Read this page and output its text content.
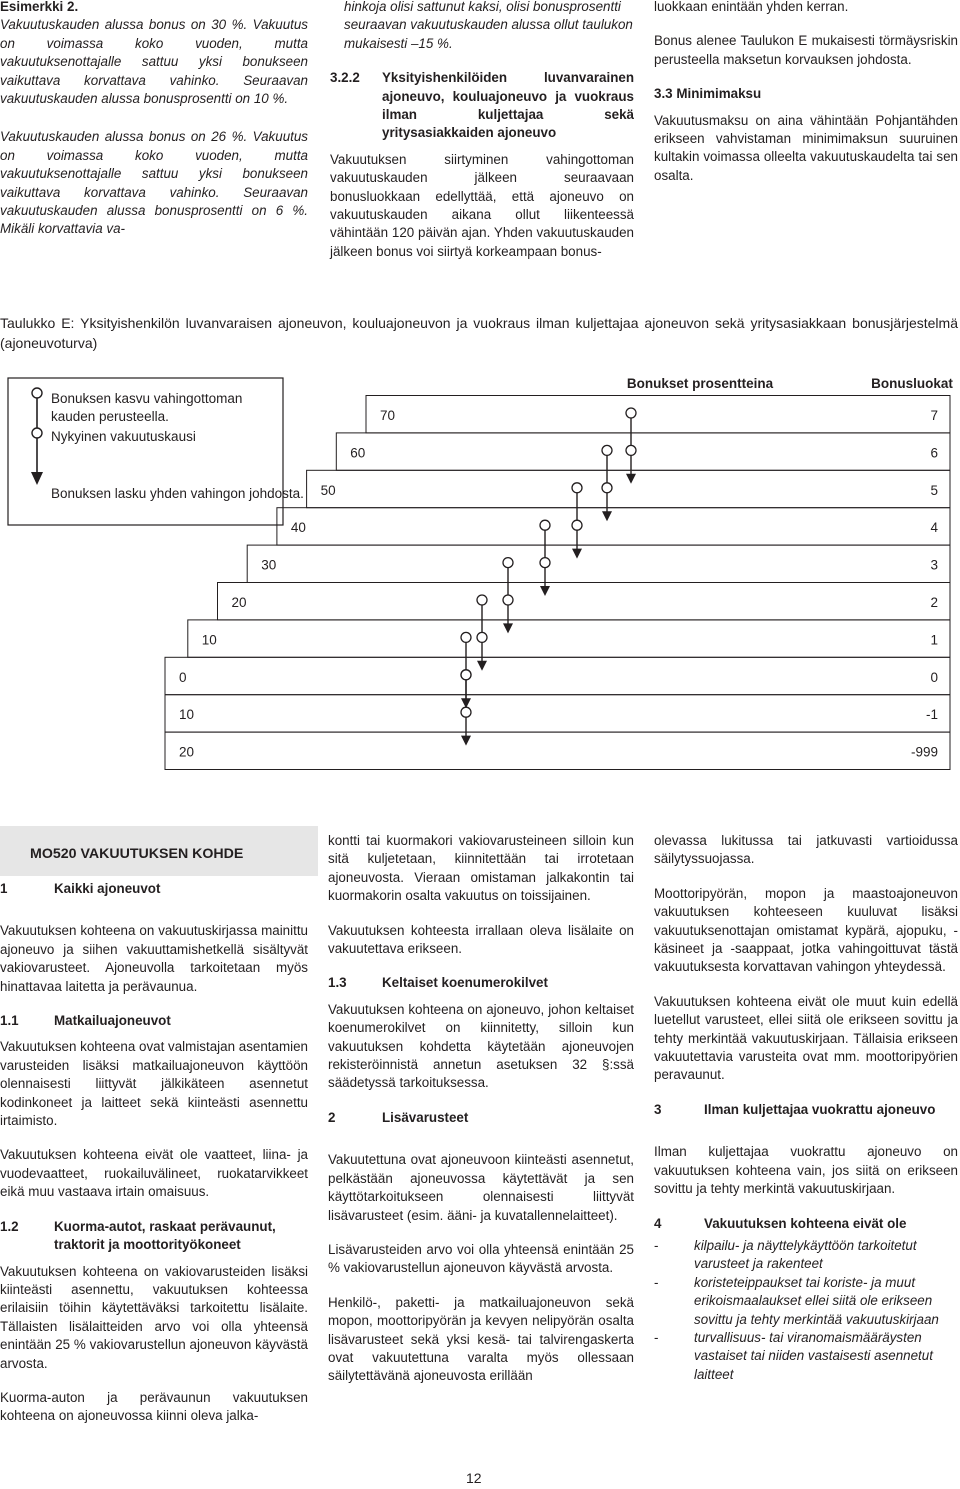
Esimerkki 2.

Vakuutuskauden alussa bonus on 30 %. Vakuutus on voimassa koko vuoden, mutta vakuutuksenottajalle sattuu yksi bonukseen vaikuttava korvattava vahinko. Seuraavan vakuutuskauden alussa bonusprosentti on 10 %.

Vakuutuskauden alussa bonus on 26 %. Vakuutus on voimassa koko vuoden, mutta vakuutuksenottajalle sattuu yksi bonukseen vaikuttava korvattava vahinko. Seuraavan vakuutuskauden alussa bonusprosentti on 6 %. Mikäli korvattavia va-

hinkoja olisi sattunut kaksi, olisi bonusprosentti seuraavan vakuutuskauden alussa ollut taulukon mukaisesti –15 %.

3.2.2	Yksityishenkilöiden luvanvarainen ajoneuvo, kouluajoneuvo ja vuokraus ilman kuljettajaa sekä yritysasiakkaiden ajoneuvo

Vakuutuksen siirtyminen vahingottoman vakuutuskauden jälkeen seuraavaan bonusluokkaan edellyttää, että ajoneuvo on vakuutuskauden aikana ollut liikenteessä vähintään 120 päivän ajan. Yhden vakuutuskauden jälkeen bonus voi siirtyä korkeampaan bonus-

luokkaan enintään yhden kerran.

Bonus alenee Taulukon E mukaisesti törmäysriskin perusteella maksetun korvauksen johdosta.

3.3 Minimimaksu

Vakuutusmaksu on aina vähintään Pohjantähden erikseen vahvistaman minimimaksun suuruinen kultakin voimassa olleelta vakuutuskaudelta tai sen osalta.

Taulukko E: Yksityishenkilön luvanvaraisen ajoneuvon, kouluajoneuvon ja vuokraus ilman kuljettajaa ajoneuvon sekä yritysasiakkaan bonusjärjestelmä (ajoneuvoturva)
Bonuksen kasvu vahingottoman
kauden perusteella.
Nykyinen vakuutuskausi
Bonuksen lasku yhden vahingon johdosta.
Bonukset prosentteina	Bonusluokat
70	7
60	6
50	5
40	4
30	3
20	2
10	1
0	0
10	-1
20	-999
MO520 VAKUUTUKSEN KOHDE

1	Kaikki ajoneuvot

Vakuutuksen kohteena on vakuutuskirjassa mainittu ajoneuvo ja siihen vakuuttamishetkellä sisältyvät vakiovarusteet. Ajoneuvolla tarkoitetaan myös hinattavaa laitetta ja perävaunua.

1.1	Matkailuajoneuvot

Vakuutuksen kohteena ovat valmistajan asentamien varusteiden lisäksi matkailuajoneuvon käyttöön olennaisesti liittyvät jälkikäteen asennetut kodinkoneet ja laitteet sekä kiinteästi asennettu irtaimisto.

Vakuutuksen kohteena eivät ole vaatteet, liina- ja vuodevaatteet, ruokailuvälineet, ruokatarvikkeet eikä muu vastaava irtain omaisuus.

1.2	Kuorma-autot, raskaat perävaunut, traktorit ja moottorityökoneet

Vakuutuksen kohteena on vakiovarusteiden lisäksi kiinteästi asennettu, vakuutuksen kohteessa erilaisiin töihin käytettäväksi tarkoitettu lisälaite. Tällaisten lisälaitteiden arvo voi olla yhteensä enintään 25 % vakiovarustellun ajoneuvon käyvästä arvosta.

Kuorma-auton ja perävaunun vakuutuksen kohteena on ajoneuvossa kiinni oleva jalka-

kontti tai kuormakori vakiovarusteineen silloin kun sitä kuljetetaan, kiinnitettään tai irrotetaan ajoneuvosta. Vieraan omistaman jalkakontin tai kuormakorin osalta vakuutus on toissijainen.

Vakuutuksen kohteesta irrallaan oleva lisälaite on vakuutettava erikseen.

1.3	Keltaiset koenumerokilvet

Vakuutuksen kohteena on ajoneuvo, johon keltaiset koenumerokilvet on kiinnitetty, silloin kun vakuutuksen kohdetta käytetään ajoneuvojen rekisteröinnistä annetun asetuksen 32 §:ssä säädetyssä tarkoituksessa.

2	Lisävarusteet

Vakuutettuna ovat ajoneuvoon kiinteästi asennetut, pelkästään ajoneuvossa käytettävät ja sen käyttötarkoitukseen olennaisesti liittyvät lisävarusteet (esim. ääni- ja kuvatallennelaitteet).

Lisävarusteiden arvo voi olla yhteensä enintään 25 % vakiovarustellun ajoneuvon käyvästä arvosta.

Henkilö-, paketti- ja matkailuajoneuvon sekä mopon, moottoripyörän ja kevyen nelipyörän osalta lisävarusteet sekä yksi kesä- tai talvirengaskerta ovat vakuutettuna varalta myös ollessaan säilytettävänä ajoneuvosta erillään

olevassa lukitussa tai jatkuvasti vartioidussa säilytyssuojassa.

Moottoripyörän, mopon ja maastoajoneuvon vakuutuksen kohteeseen kuuluvat lisäksi vakuutuksenottajan omistamat kypärä, ajopuku, -käsineet ja -saappaat, jotka vahingoittuvat tästä vakuutuksesta korvattavan vahingon yhteydessä.

Vakuutuksen kohteena eivät ole muut kuin edellä luetellut varusteet, ellei siitä ole erikseen sovittu ja tehty merkintää vakuutuskirjaan. Tällaisia erikseen vakuutettavia varusteita ovat mm. moottoripyörien peravaunut.

3	Ilman kuljettajaa vuokrattu ajoneuvo

Ilman kuljettajaa vuokrattu ajoneuvo on vakuutuksen kohteena vain, jos siitä on erikseen sovittu ja tehty merkintä vakuutuskirjaan.

4	Vakuutuksen kohteena eivät ole

-	kilpailu- ja näyttelykäyttöön tarkoitetut varusteet ja rakenteet
-	koristeteippaukset tai koriste- ja muut erikoismaalaukset ellei siitä ole erikseen sovittu ja tehty merkintää vakuutuskirjaan
-	turvallisuus- tai viranomaismääräysten vastaiset tai niiden vastaisesti asennetut laitteet
12
